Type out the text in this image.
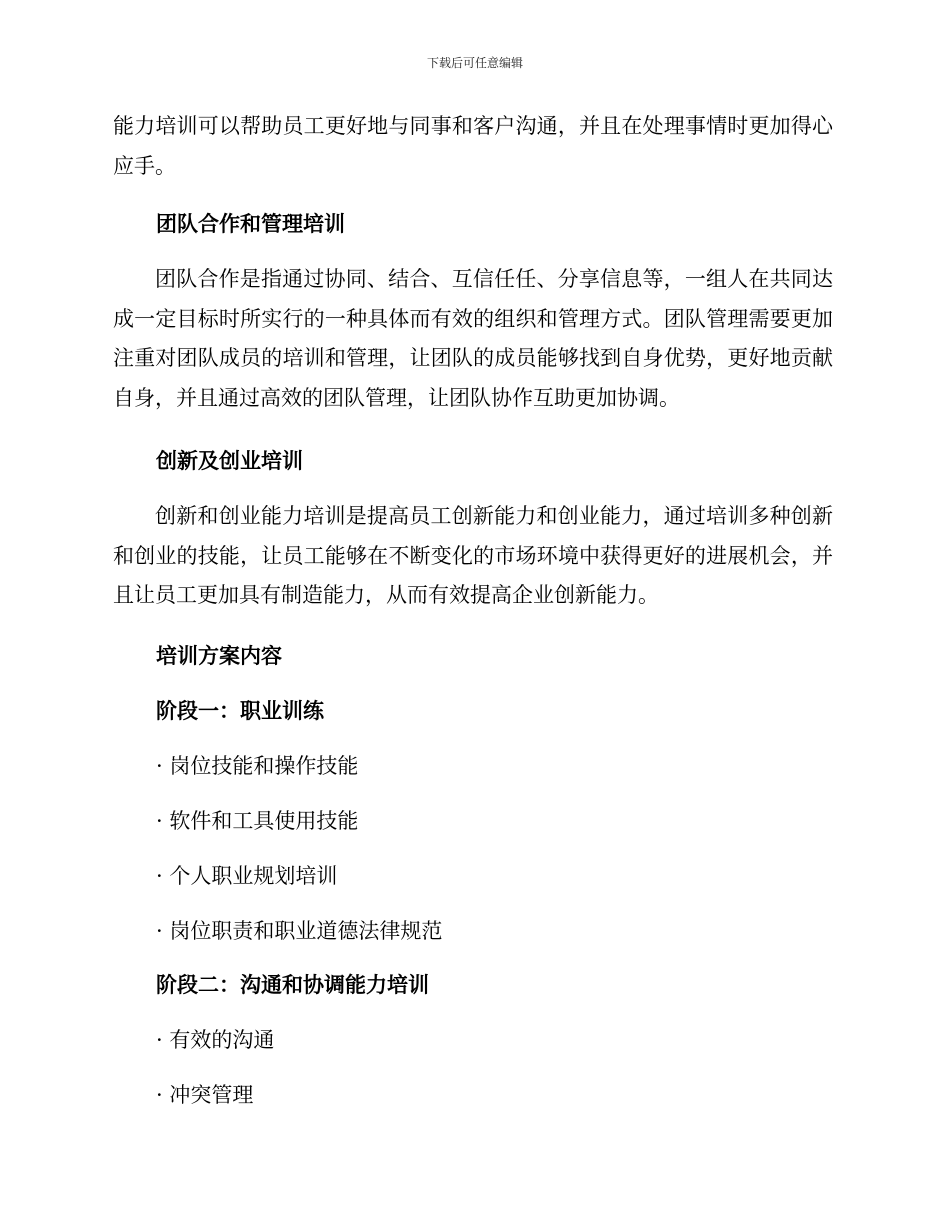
下载后可任意编辑

能力培训可以帮助员工更好地与同事和客户沟通，并且在处理事情时更加得心应手。

团队合作和管理培训

团队合作是指通过协同、结合、互信任任、分享信息等，一组人在共同达成一定目标时所实行的一种具体而有效的组织和管理方式。团队管理需要更加注重对团队成员的培训和管理，让团队的成员能够找到自身优势，更好地贡献自身，并且通过高效的团队管理，让团队协作互助更加协调。

创新及创业培训

创新和创业能力培训是提高员工创新能力和创业能力，通过培训多种创新和创业的技能，让员工能够在不断变化的市场环境中获得更好的进展机会，并且让员工更加具有制造能力，从而有效提高企业创新能力。

培训方案内容

阶段一：职业训练

· 岗位技能和操作技能

· 软件和工具使用技能

· 个人职业规划培训

· 岗位职责和职业道德法律规范

阶段二：沟通和协调能力培训

· 有效的沟通

· 冲突管理
